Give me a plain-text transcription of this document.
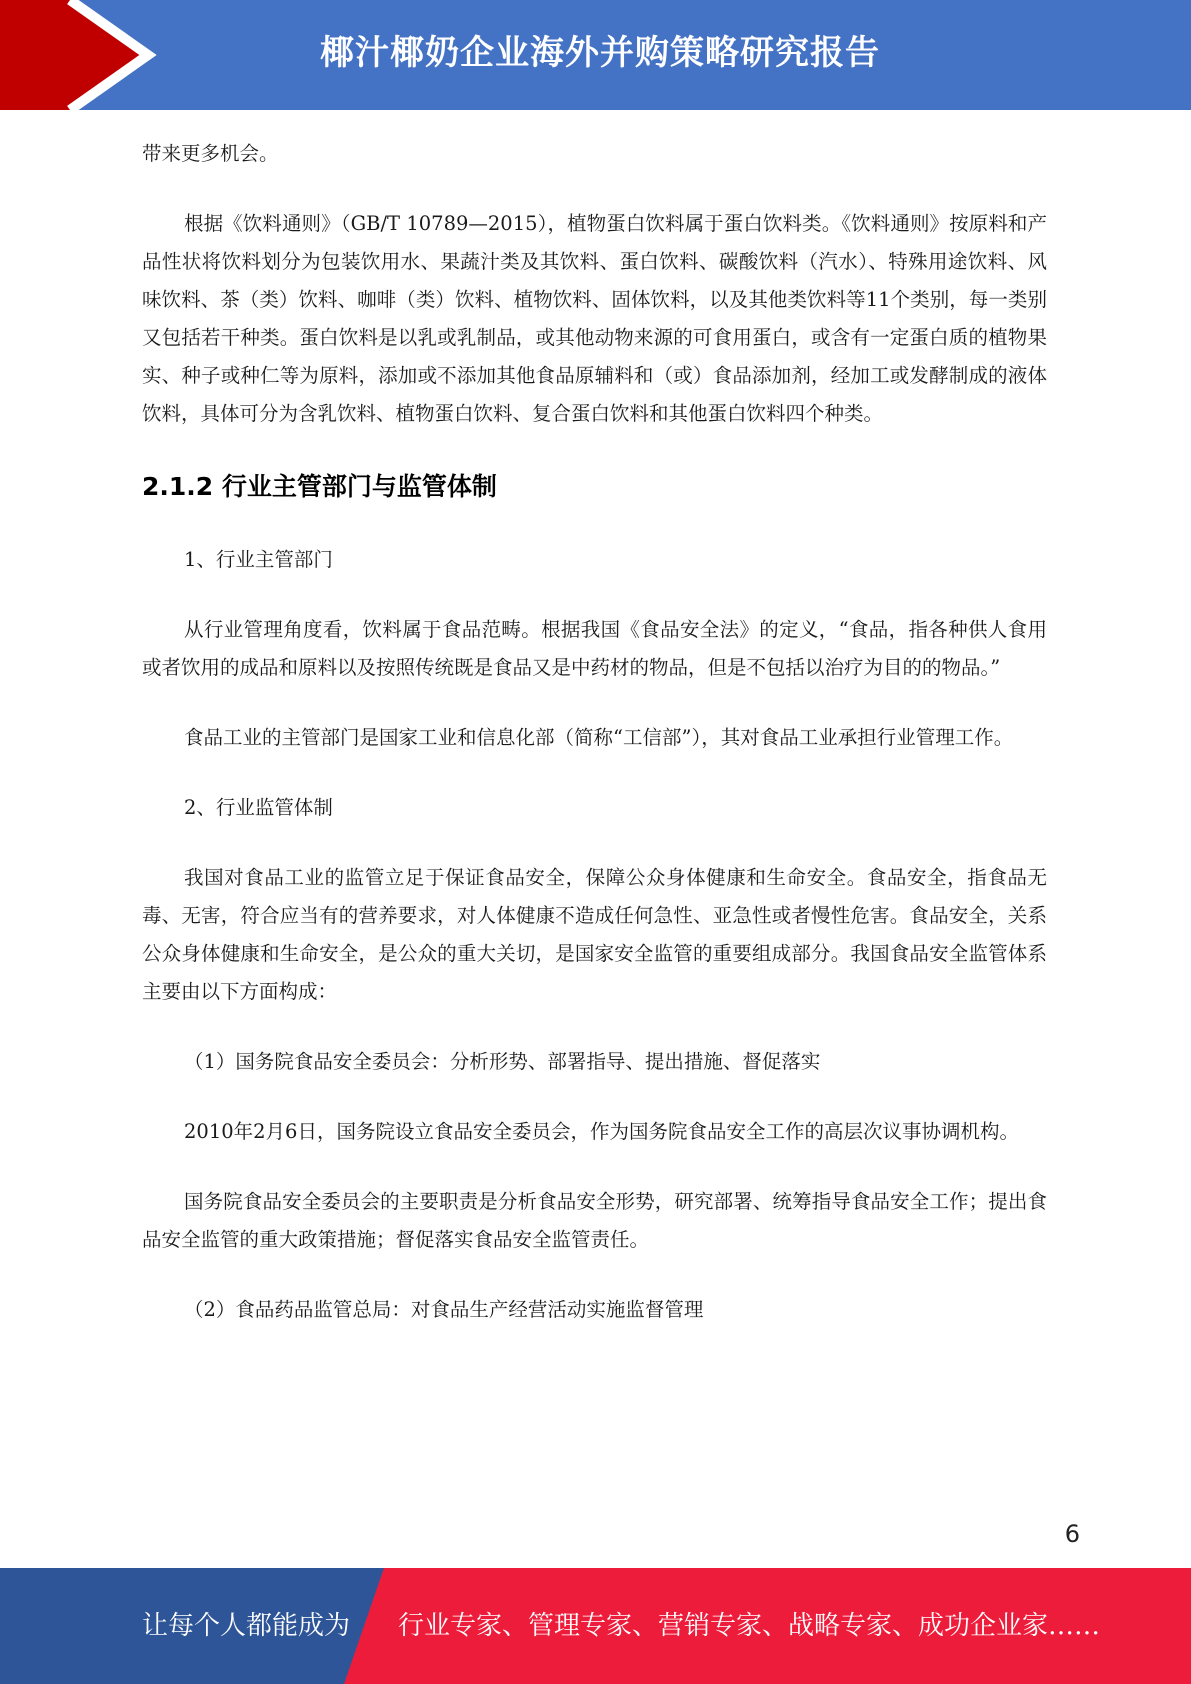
椰汁椰奶企业海外并购策略研究报告

带来更多机会。

根据《饮料通则》（GB/T 10789—2015），植物蛋白饮料属于蛋白饮料类。《饮料通则》按原料和产品性状将饮料划分为包装饮用水、果蔬汁类及其饮料、蛋白饮料、碳酸饮料（汽水）、特殊用途饮料、风味饮料、茶（类）饮料、咖啡（类）饮料、植物饮料、固体饮料，以及其他类饮料等11个类别，每一类别又包括若干种类。蛋白饮料是以乳或乳制品，或其他动物来源的可食用蛋白，或含有一定蛋白质的植物果实、种子或种仁等为原料，添加或不添加其他食品原辅料和（或）食品添加剂，经加工或发酵制成的液体饮料，具体可分为含乳饮料、植物蛋白饮料、复合蛋白饮料和其他蛋白饮料四个种类。

2.1.2 行业主管部门与监管体制

1、行业主管部门

从行业管理角度看，饮料属于食品范畴。根据我国《食品安全法》的定义，“食品，指各种供人食用或者饮用的成品和原料以及按照传统既是食品又是中药材的物品，但是不包括以治疗为目的的物品。”

食品工业的主管部门是国家工业和信息化部（简称“工信部”），其对食品工业承担行业管理工作。

2、行业监管体制

我国对食品工业的监管立足于保证食品安全，保障公众身体健康和生命安全。食品安全，指食品无毒、无害，符合应当有的营养要求，对人体健康不造成任何急性、亚急性或者慢性危害。食品安全，关系公众身体健康和生命安全，是公众的重大关切，是国家安全监管的重要组成部分。我国食品安全监管体系主要由以下方面构成：

（1）国务院食品安全委员会：分析形势、部署指导、提出措施、督促落实

2010年2月6日，国务院设立食品安全委员会，作为国务院食品安全工作的高层次议事协调机构。

国务院食品安全委员会的主要职责是分析食品安全形势，研究部署、统筹指导食品安全工作；提出食品安全监管的重大政策措施；督促落实食品安全监管责任。

（2）食品药品监管总局：对食品生产经营活动实施监督管理

6
让每个人都能成为 行业专家、管理专家、营销专家、战略专家、成功企业家……
